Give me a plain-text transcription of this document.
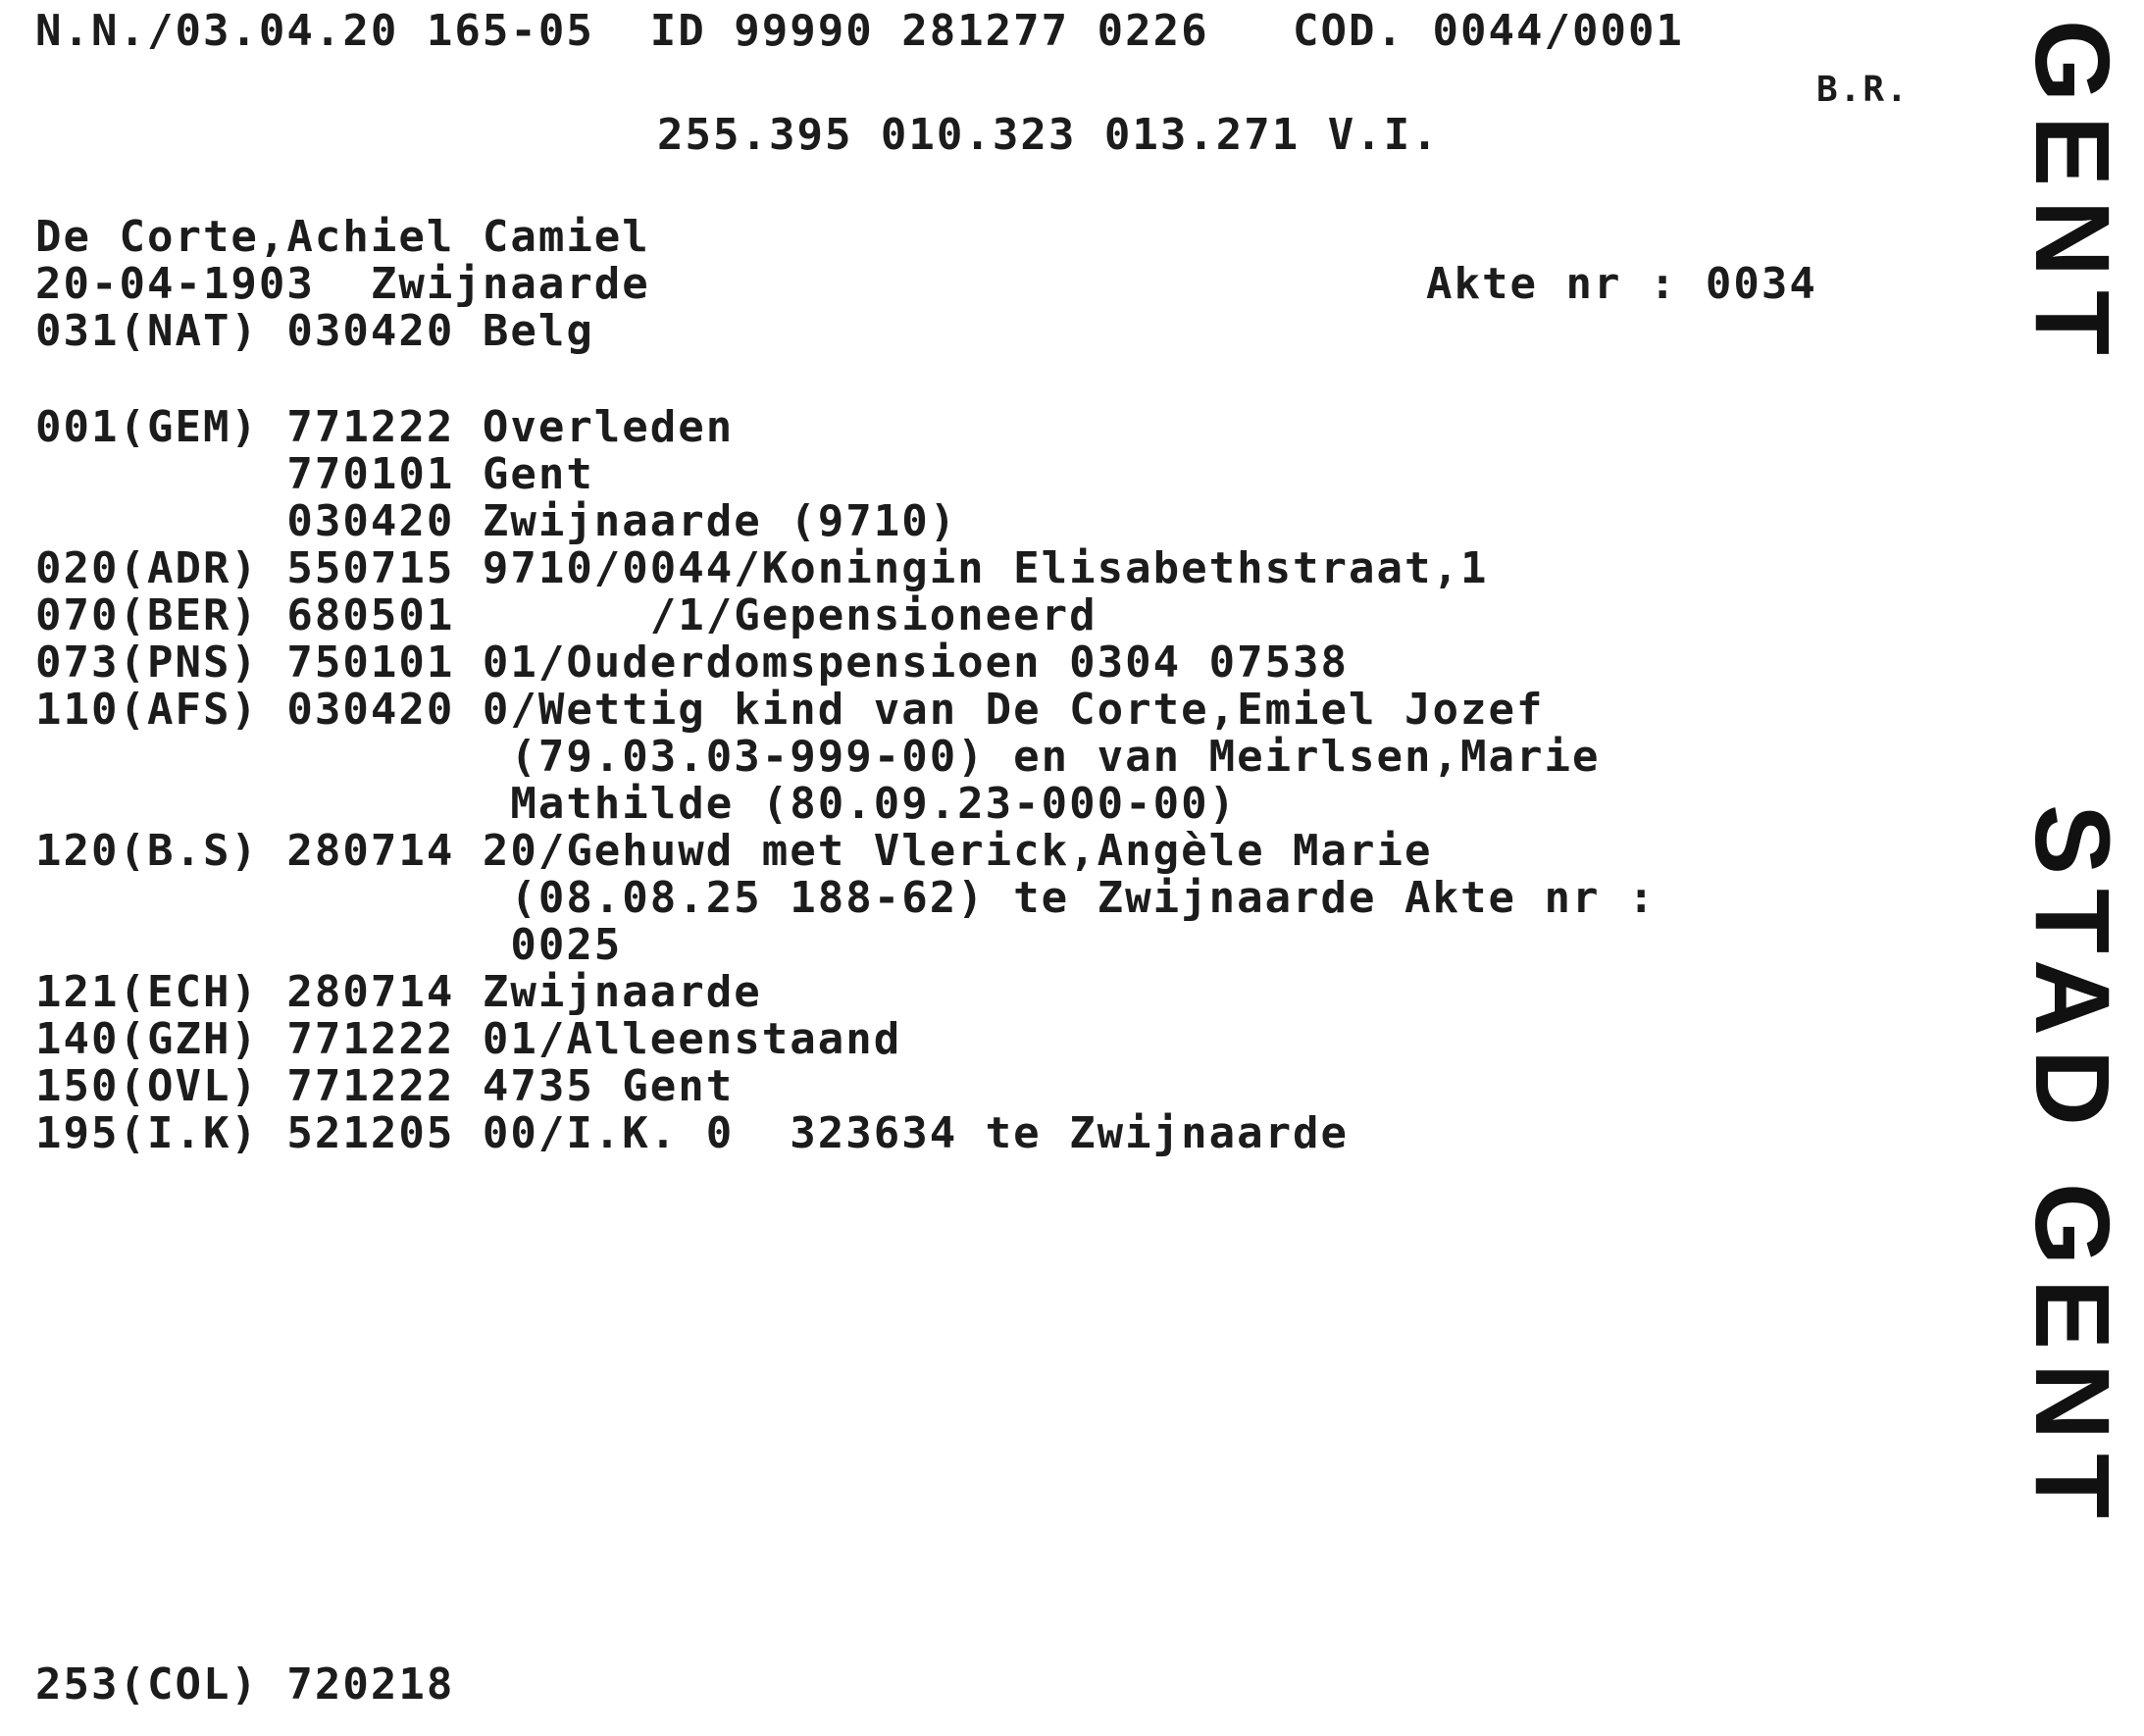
N.N./03.04.20 165-05  ID 99990 281277 0226   COD. 0044/0001
B.R.
255.395 010.323 013.271 V.I.
De Corte,Achiel Camiel
20-04-1903  Zwijnaarde	Akte nr : 0034
031(NAT) 030420 Belg
001(GEM) 771222 Overleden
770101 Gent
030420 Zwijnaarde (9710)
020(ADR) 550715 9710/0044/Koningin Elisabethstraat,1
070(BER) 680501       /1/Gepensioneerd
073(PNS) 750101 01/Ouderdomspensioen 0304 07538
110(AFS) 030420 0/Wettig kind van De Corte,Emiel Jozef
(79.03.03-999-00) en van Meirlsen,Marie
Mathilde (80.09.23-000-00)
120(B.S) 280714 20/Gehuwd met Vlerick,Angèle Marie
(08.08.25 188-62) te Zwijnaarde Akte nr :
0025
121(ECH) 280714 Zwijnaarde
140(GZH) 771222 01/Alleenstaand
150(OVL) 771222 4735 Gent
195(I.K) 521205 00/I.K. 0  323634 te Zwijnaarde
253(COL) 720218
GENT
STAD GENT
